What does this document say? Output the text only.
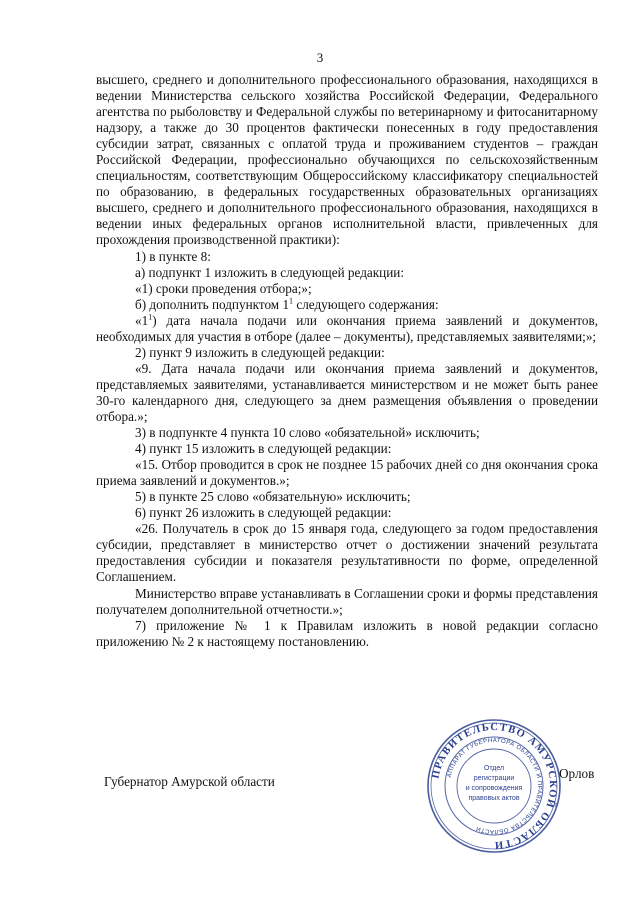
3

высшего, среднего и дополнительного профессионального образования, находящихся в ведении Министерства сельского хозяйства Российской Федерации, Федерального агентства по рыболовству и Федеральной службы по ветеринарному и фитосанитарному надзору, а также до 30 процентов фактически понесенных в году предоставления субсидии затрат, связанных с оплатой труда и проживанием студентов – граждан Российской Федерации, профессионально обучающихся по сельскохозяйственным специальностям, соответствующим Общероссийскому классификатору специальностей по образованию, в федеральных государственных образовательных организациях высшего, среднего и дополнительного профессионального образования, находящихся в ведении иных федеральных органов исполнительной власти, привлеченных для прохождения производственной практики):

1) в пункте 8:

а) подпункт 1 изложить в следующей редакции:

«1) сроки проведения отбора;»;

б) дополнить подпунктом $1^1$ следующего содержания:

«$1^1$) дата начала подачи или окончания приема заявлений и документов, необходимых для участия в отборе (далее – документы), представляемых заявителями;»;

2) пункт 9 изложить в следующей редакции:

«9. Дата начала подачи или окончания приема заявлений и документов, представляемых заявителями, устанавливается министерством и не может быть ранее 30-го календарного дня, следующего за днем размещения объявления о проведении отбора.»;

3) в подпункте 4 пункта 10 слово «обязательной» исключить;

4) пункт 15 изложить в следующей редакции:

«15. Отбор проводится в срок не позднее 15 рабочих дней со дня окончания срока приема заявлений и документов.»;

5) в пункте 25 слово «обязательную» исключить;

6) пункт 26 изложить в следующей редакции:

«26. Получатель в срок до 15 января года, следующего за годом предоставления субсидии, представляет в министерство отчет о достижении значений результата предоставления субсидии и показателя результативности по форме, определенной Соглашением.

Министерство вправе устанавливать в Соглашении сроки и формы представления получателем дополнительной отчетности.»;

7) приложение № 1 к Правилам изложить в новой редакции согласно приложению № 2 к настоящему постановлению.

ПРАВИТЕЛЬСТВО АМУРСКОЙ ОБЛАСТИ
АППАРАТ ГУБЕРНАТОРА ОБЛАСТИ И ПРАВИТЕЛЬСТВА ОБЛАСТИ
Отдел
регистрации
и сопровождения
правовых актов
Губернатор Амурской области
Орлов
